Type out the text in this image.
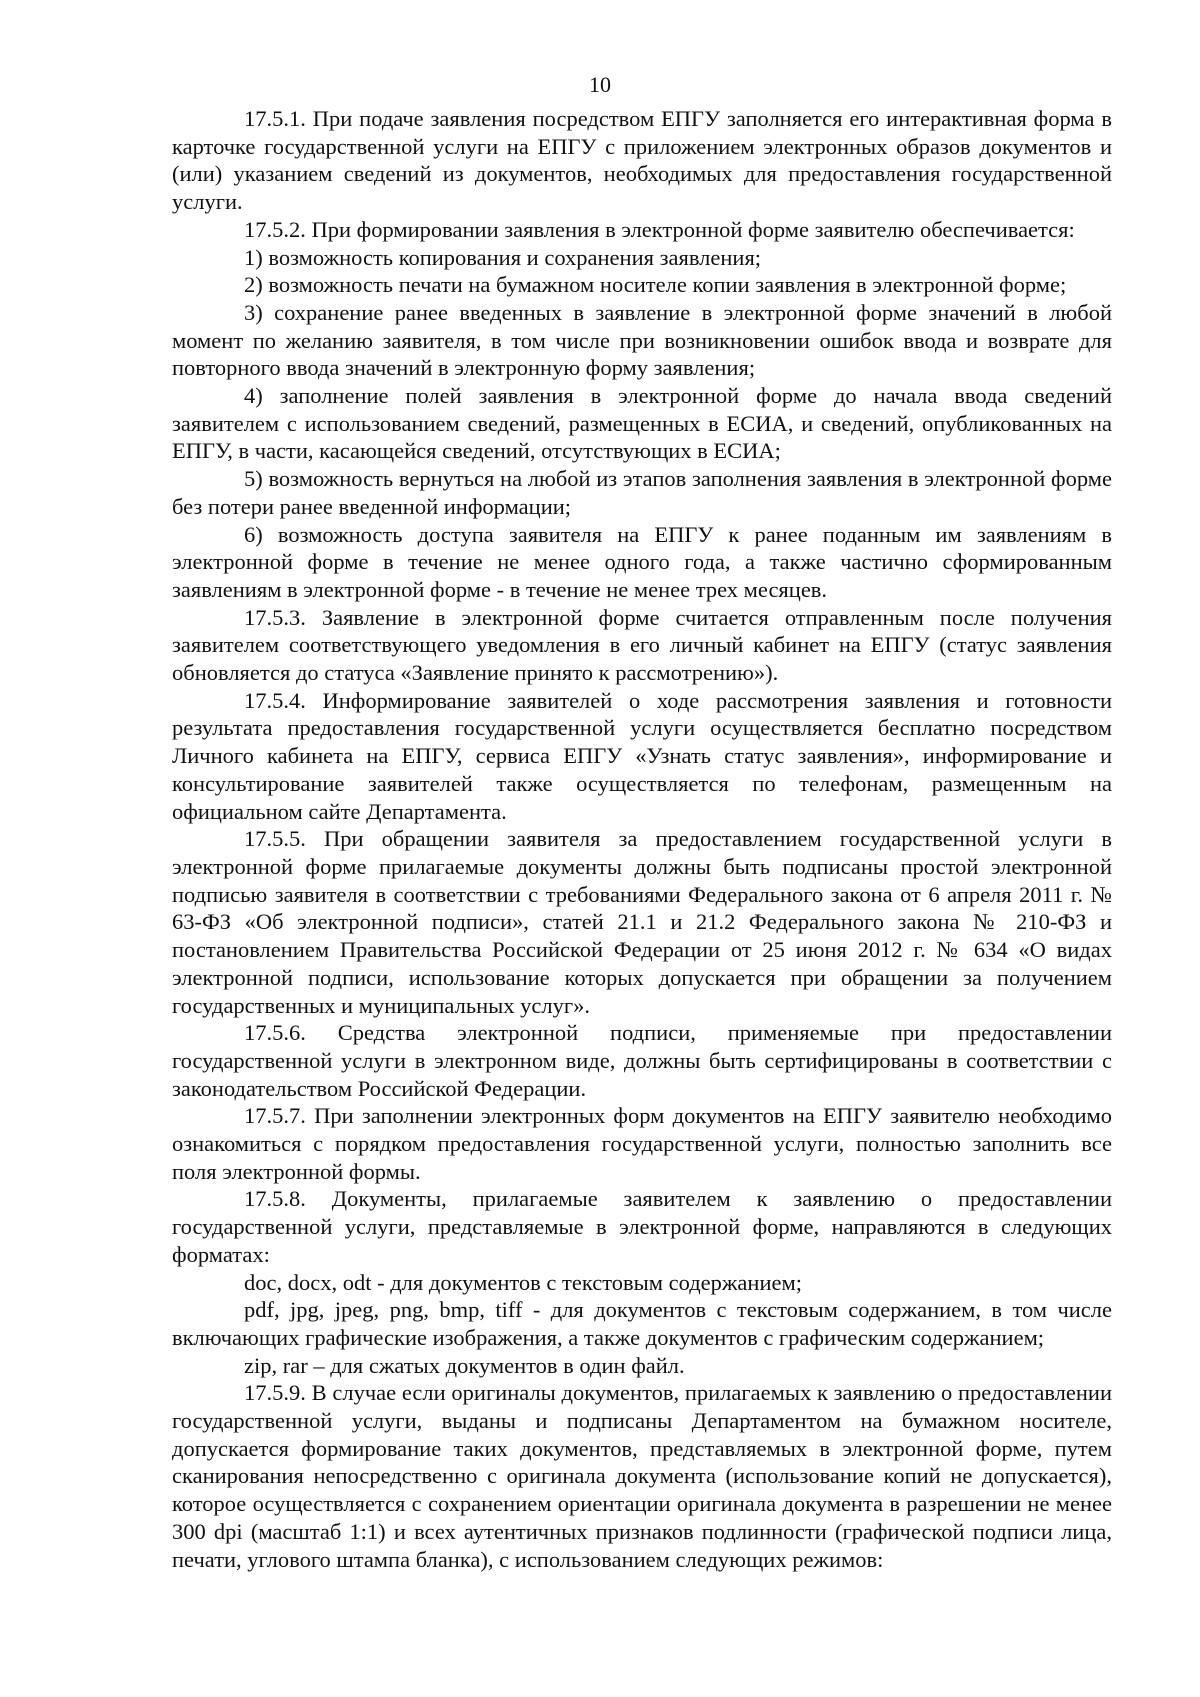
10

17.5.1. При подаче заявления посредством ЕПГУ заполняется его интерактивная форма в карточке государственной услуги на ЕПГУ с приложением электронных образов документов и (или) указанием сведений из документов, необходимых для предоставления государственной услуги.

17.5.2. При формировании заявления в электронной форме заявителю обеспечивается:

1) возможность копирования и сохранения заявления;

2) возможность печати на бумажном носителе копии заявления в электронной форме;

3) сохранение ранее введенных в заявление в электронной форме значений в любой момент по желанию заявителя, в том числе при возникновении ошибок ввода и возврате для повторного ввода значений в электронную форму заявления;

4) заполнение полей заявления в электронной форме до начала ввода сведений заявителем с использованием сведений, размещенных в ЕСИА, и сведений, опубликованных на ЕПГУ, в части, касающейся сведений, отсутствующих в ЕСИА;

5) возможность вернуться на любой из этапов заполнения заявления в электронной форме без потери ранее введенной информации;

6) возможность доступа заявителя на ЕПГУ к ранее поданным им заявлениям в электронной форме в течение не менее одного года, а также частично сформированным заявлениям в электронной форме - в течение не менее трех месяцев.

17.5.3. Заявление в электронной форме считается отправленным после получения заявителем соответствующего уведомления в его личный кабинет на ЕПГУ (статус заявления обновляется до статуса «Заявление принято к рассмотрению»).

17.5.4. Информирование заявителей о ходе рассмотрения заявления и готовности результата предоставления государственной услуги осуществляется бесплатно посредством Личного кабинета на ЕПГУ, сервиса ЕПГУ «Узнать статус заявления», информирование и консультирование заявителей также осуществляется по телефонам, размещенным на официальном сайте Департамента.

17.5.5. При обращении заявителя за предоставлением государственной услуги в электронной форме прилагаемые документы должны быть подписаны простой электронной подписью заявителя в соответствии с требованиями Федерального закона от 6 апреля 2011 г. № 63-ФЗ «Об электронной подписи», статей 21.1 и 21.2 Федерального закона № 210-ФЗ и постановлением Правительства Российской Федерации от 25 июня 2012 г. № 634 «О видах электронной подписи, использование которых допускается при обращении за получением государственных и муниципальных услуг».

17.5.6. Средства электронной подписи, применяемые при предоставлении государственной услуги в электронном виде, должны быть сертифицированы в соответствии с законодательством Российской Федерации.

17.5.7. При заполнении электронных форм документов на ЕПГУ заявителю необходимо ознакомиться с порядком предоставления государственной услуги, полностью заполнить все поля электронной формы.

17.5.8. Документы, прилагаемые заявителем к заявлению о предоставлении государственной услуги, представляемые в электронной форме, направляются в следующих форматах:

doc, docx, odt - для документов с текстовым содержанием;

pdf, jpg, jpeg, png, bmp, tiff - для документов с текстовым содержанием, в том числе включающих графические изображения, а также документов с графическим содержанием;

zip, rar – для сжатых документов в один файл.

17.5.9. В случае если оригиналы документов, прилагаемых к заявлению о предоставлении государственной услуги, выданы и подписаны Департаментом на бумажном носителе, допускается формирование таких документов, представляемых в электронной форме, путем сканирования непосредственно с оригинала документа (использование копий не допускается), которое осуществляется с сохранением ориентации оригинала документа в разрешении не менее 300 dpi (масштаб 1:1) и всех аутентичных признаков подлинности (графической подписи лица, печати, углового штампа бланка), с использованием следующих режимов:
